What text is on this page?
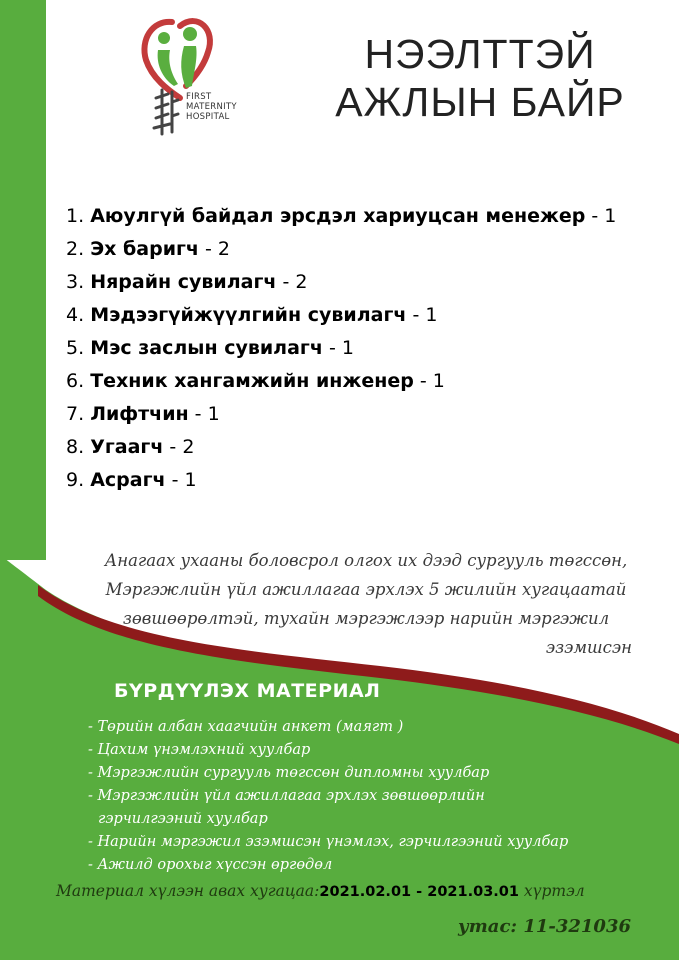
FIRST
MATERNITY
HOSPITAL
НЭЭЛТТЭЙ
АЖЛЫН БАЙР
1. Аюулгүй байдал эрсдэл хариуцсан менежер - 1
2. Эх баригч - 2
3. Нярайн сувилагч - 2
4. Мэдээгүйжүүлгийн сувилагч - 1
5. Мэс заслын сувилагч - 1
6. Техник хангамжийн инженер - 1
7. Лифтчин - 1
8. Угаагч - 2
9. Асрагч - 1
Анагаах ухааны боловсрол олгох их дээд сургууль төгссөн,
Мэргэжлийн үйл ажиллагаа эрхлэх 5 жилийн хугацаатай
зөвшөөрөлтэй, тухайн мэргэжлээр нарийн мэргэжил
эзэмшсэн
БҮРДҮҮЛЭХ МАТЕРИАЛ
- Төрийн албан хаагчийн анкет (маягт )
- Цахим үнэмлэхний хуулбар
- Мэргэжлийн сургууль төгссөн дипломны хуулбар
- Мэргэжлийн үйл ажиллагаа эрхлэх зөвшөөрлийн
гэрчилгээний хуулбар
- Нарийн мэргэжил эзэмшсэн үнэмлэх, гэрчилгээний хуулбар
- Ажилд орохыг хүссэн өргөдөл
Материал хүлээн авах хугацаа:2021.02.01 - 2021.03.01 хүртэл
утас: 11-321036
